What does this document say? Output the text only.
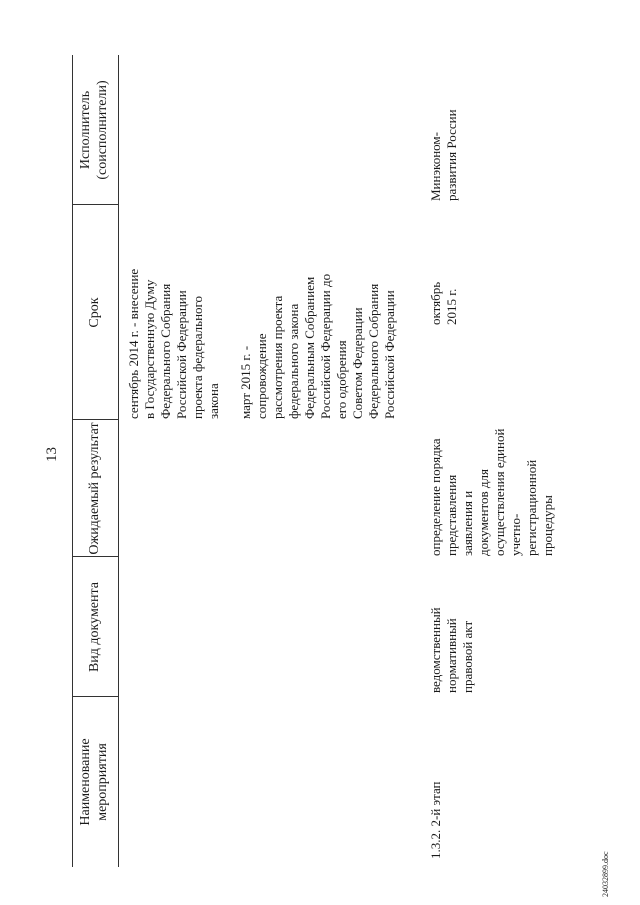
13
Наименование
мероприятия
Вид документа
Ожидаемый результат
Срок
Исполнитель
(соисполнители)
сентябрь 2014 г. - внесение
в Государственную Думу
Федерального Собрания
Российской Федерации
проекта федерального
закона

март 2015 г. -
сопровождение
рассмотрения проекта
федерального закона
Федеральным Собранием
Российской Федерации до
его одобрения
Советом Федерации
Федерального Собрания
Российской Федерации
1.3.2. 2-й этап
ведомственный
нормативный
правовой акт
определение порядка
представления
заявления и
документов для
осуществления единой
учетно-
регистрационной
процедуры
октябрь
2015 г.
Минэконом-
развития России
24032899.doc
